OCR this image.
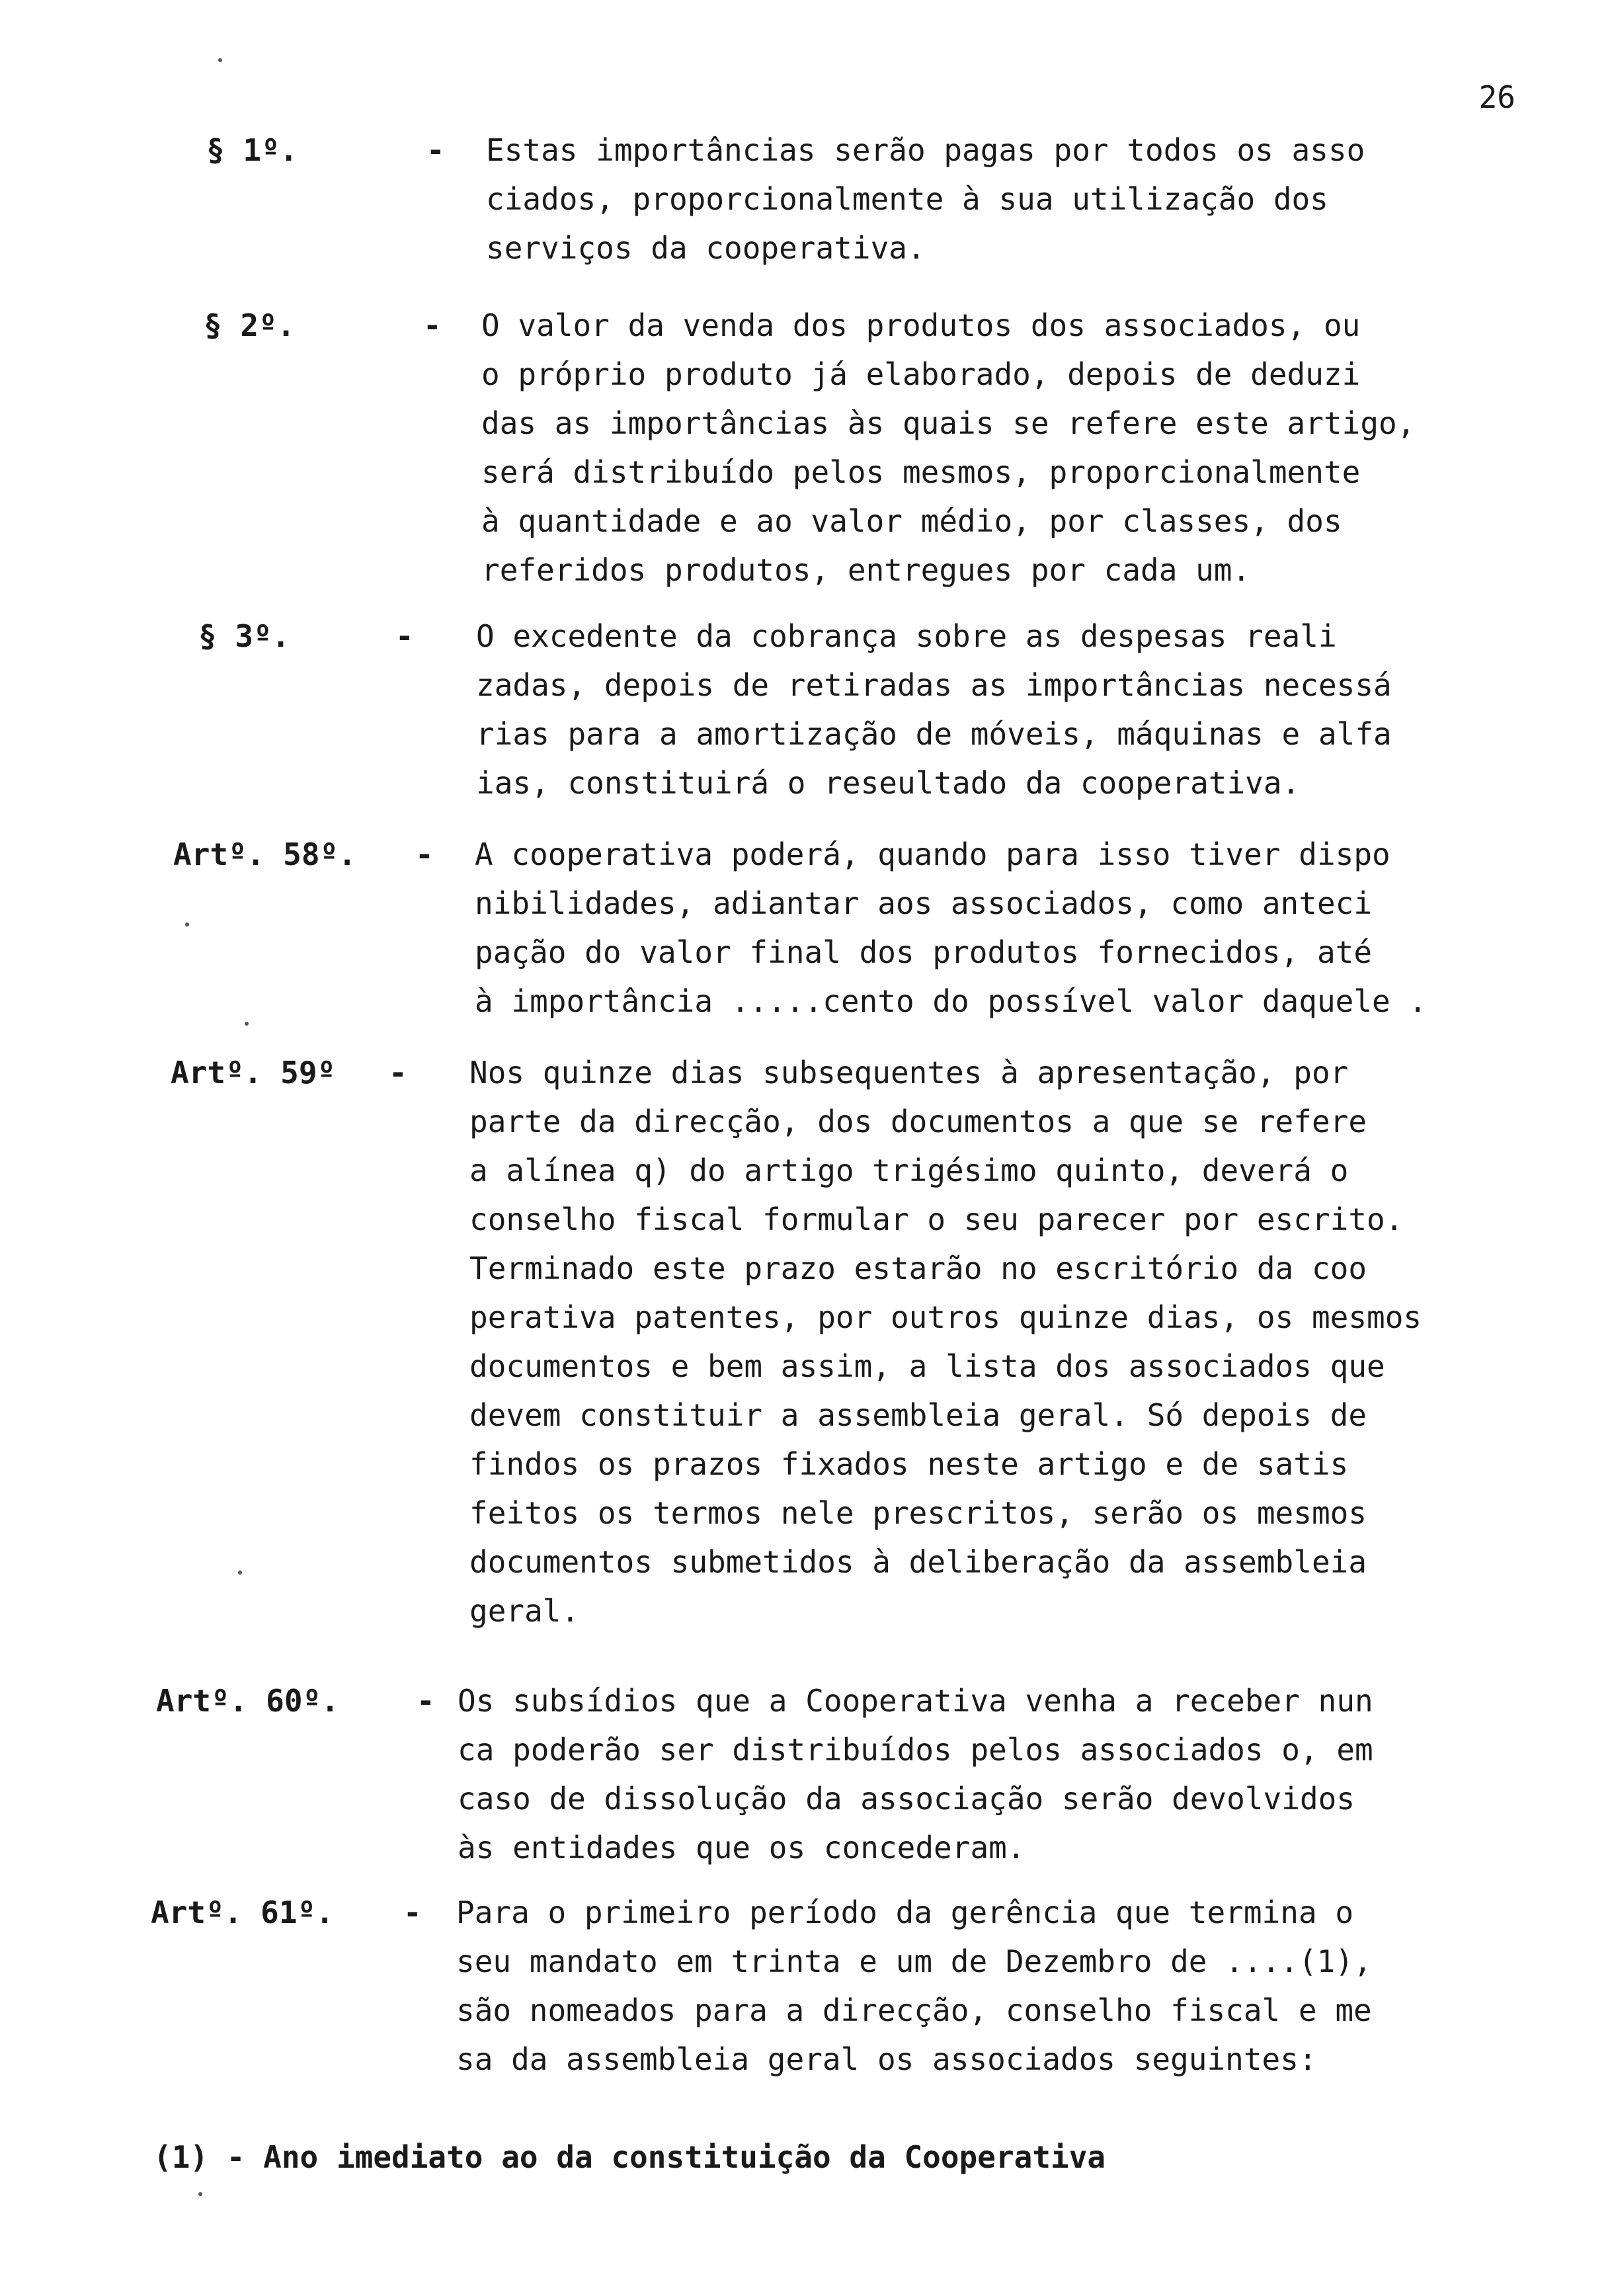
26
§ 1º.	- Estas importâncias serão pagas por todos os asso

ciados, proporcionalmente à sua utilização dos

serviços da cooperativa.

§ 2º.	- O valor da venda dos produtos dos associados, ou

o próprio produto já elaborado, depois de deduzi

das as importâncias às quais se refere este artigo,

será distribuído pelos mesmos, proporcionalmente

à quantidade e ao valor médio, por classes, dos

referidos produtos, entregues por cada um.

§ 3º.	- O excedente da cobrança sobre as despesas reali

zadas, depois de retiradas as importâncias necessá

rias para a amortização de móveis, máquinas e alfa

ias, constituirá o reseultado da cooperativa.

Artº. 58º. - A cooperativa poderá, quando para isso tiver dispo

nibilidades, adiantar aos associados, como anteci

pação do valor final dos produtos fornecidos, até

à importância .....cento do possível valor daquele .

Artº. 59º - Nos quinze dias subsequentes à apresentação, por

parte da direcção, dos documentos a que se refere

a alínea q) do artigo trigésimo quinto, deverá o

conselho fiscal formular o seu parecer por escrito.

Terminado este prazo estarão no escritório da coo

perativa patentes, por outros quinze dias, os mesmos

documentos e bem assim, a lista dos associados que

devem constituir a assembleia geral. Só depois de

findos os prazos fixados neste artigo e de satis

feitos os termos nele prescritos, serão os mesmos

documentos submetidos à deliberação da assembleia

geral.

Artº. 60º.	- Os subsídios que a Cooperativa venha a receber nun

ca poderão ser distribuídos pelos associados o, em

caso de dissolução da associação serão devolvidos

às entidades que os concederam.

Artº. 61º. - Para o primeiro período da gerência que termina o

seu mandato em trinta e um de Dezembro de ....(1),

são nomeados para a direcção, conselho fiscal e me

sa da assembleia geral os associados seguintes:

(1) - Ano imediato ao da constituição da Cooperativa
